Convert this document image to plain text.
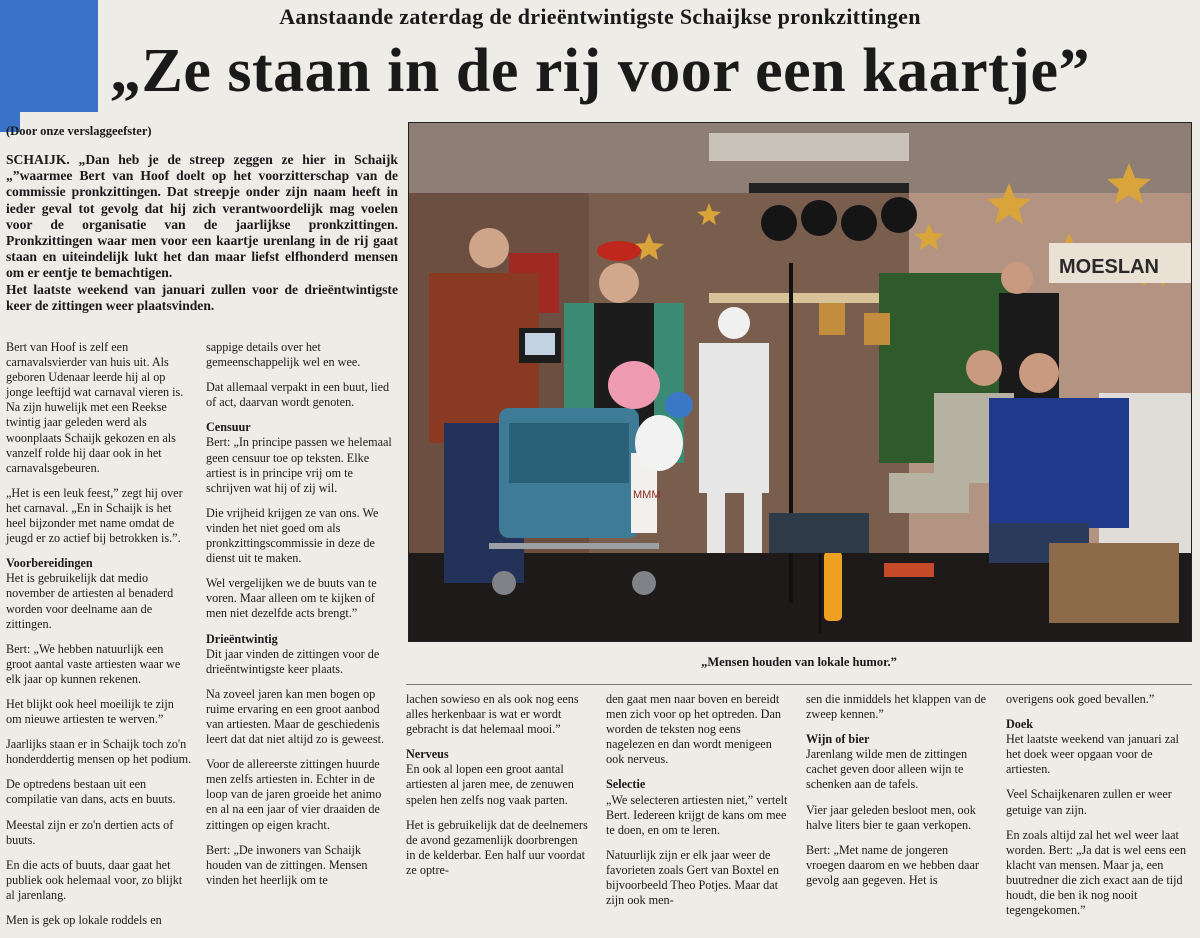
Aanstaande zaterdag de drieëntwintigste Schaijkse pronkzittingen
„Ze staan in de rij voor een kaartje”
(Door onze verslaggeefster)

SCHAIJK. „Dan heb je de streep zeggen ze hier in Schaijk „”waarmee Bert van Hoof doelt op het voorzitterschap van de commissie pronkzittingen. Dat streepje onder zijn naam heeft in ieder geval tot gevolg dat hij zich verantwoordelijk mag voelen voor de organisatie van de jaarlijkse pronkzittingen. Pronkzittingen waar men voor een kaartje urenlang in de rij gaat staan en uiteindelijk lukt het dan maar liefst elfhonderd mensen om er eentje te bemachtigen.

Het laatste weekend van januari zullen voor de drieëntwintigste keer de zittingen weer plaatsvinden.

Bert van Hoof is zelf een carnavalsvierder van huis uit. Als geboren Udenaar leerde hij al op jonge leeftijd wat carnaval vieren is. Na zijn huwelijk met een Reekse twintig jaar geleden werd als woonplaats Schaijk gekozen en als vanzelf rolde hij daar ook in het carnavalsgebeuren.

„Het is een leuk feest,” zegt hij over het carnaval. „En in Schaijk is het heel bijzonder met name omdat de jeugd er zo actief bij betrokken is.”.

Voorbereidingen

Het is gebruikelijk dat medio november de artiesten al benaderd worden voor deelname aan de zittingen.

Bert: „We hebben natuurlijk een groot aantal vaste artiesten waar we elk jaar op kunnen rekenen.

Het blijkt ook heel moeilijk te zijn om nieuwe artiesten te werven.”

Jaarlijks staan er in Schaijk toch zo'n honderddertig mensen op het podium.

De optredens bestaan uit een compilatie van dans, acts en buuts.

Meestal zijn er zo'n dertien acts of buuts.

En die acts of buuts, daar gaat het publiek ook helemaal voor, zo blijkt al jarenlang.

Men is gek op lokale roddels en

sappige details over het gemeenschappelijk wel en wee.

Dat allemaal verpakt in een buut, lied of act, daarvan wordt genoten.

Censuur

Bert: „In principe passen we helemaal geen censuur toe op teksten. Elke artiest is in principe vrij om te schrijven wat hij of zij wil.

Die vrijheid krijgen ze van ons. We vinden het niet goed om als pronkzittingscommissie in deze de dienst uit te maken.

Wel vergelijken we de buuts van te voren. Maar alleen om te kijken of men niet dezelfde acts brengt.”

Drieëntwintig

Dit jaar vinden de zittingen voor de drieëntwintigste keer plaats.

Na zoveel jaren kan men bogen op ruime ervaring en een groot aanbod van artiesten. Maar de geschiedenis leert dat dat niet altijd zo is geweest.

Voor de allereerste zittingen huurde men zelfs artiesten in. Echter in de loop van de jaren groeide het animo en al na een jaar of vier draaiden de zittingen op eigen kracht.

Bert: „De inwoners van Schaijk houden van de zittingen. Mensen vinden het heerlijk om te

lachen sowieso en als ook nog eens alles herkenbaar is wat er wordt gebracht is dat helemaal mooi.”

Nerveus

En ook al lopen een groot aantal artiesten al jaren mee, de zenuwen spelen hen zelfs nog vaak parten.

Het is gebruikelijk dat de deelnemers de avond gezamenlijk doorbrengen in de kelderbar. Een half uur voordat ze optre-

den gaat men naar boven en bereidt men zich voor op het optreden. Dan worden de teksten nog eens nagelezen en dan wordt menigeen ook nerveus.

Selectie

„We selecteren artiesten niet,” vertelt Bert. Iedereen krijgt de kans om mee te doen, en om te leren.

Natuurlijk zijn er elk jaar weer de favorieten zoals Gert van Boxtel en bijvoorbeeld Theo Potjes. Maar dat zijn ook men-

sen die inmiddels het klappen van de zweep kennen.”

Wijn of bier

Jarenlang wilde men de zittingen cachet geven door alleen wijn te schenken aan de tafels.

Vier jaar geleden besloot men, ook halve liters bier te gaan verkopen.

Bert: „Met name de jongeren vroegen daarom en we hebben daar gevolg aan gegeven. Het is

overigens ook goed bevallen.”

Doek

Het laatste weekend van januari zal het doek weer opgaan voor de artiesten.

Veel Schaijkenaren zullen er weer getuige van zijn.

En zoals altijd zal het wel weer laat worden. Bert: „Ja dat is wel eens een klacht van mensen. Maar ja, een buutredner die zich exact aan de tijd houdt, die ben ik nog nooit tegengekomen.”

MOESLAN
MMM
„Mensen houden van lokale humor.”
